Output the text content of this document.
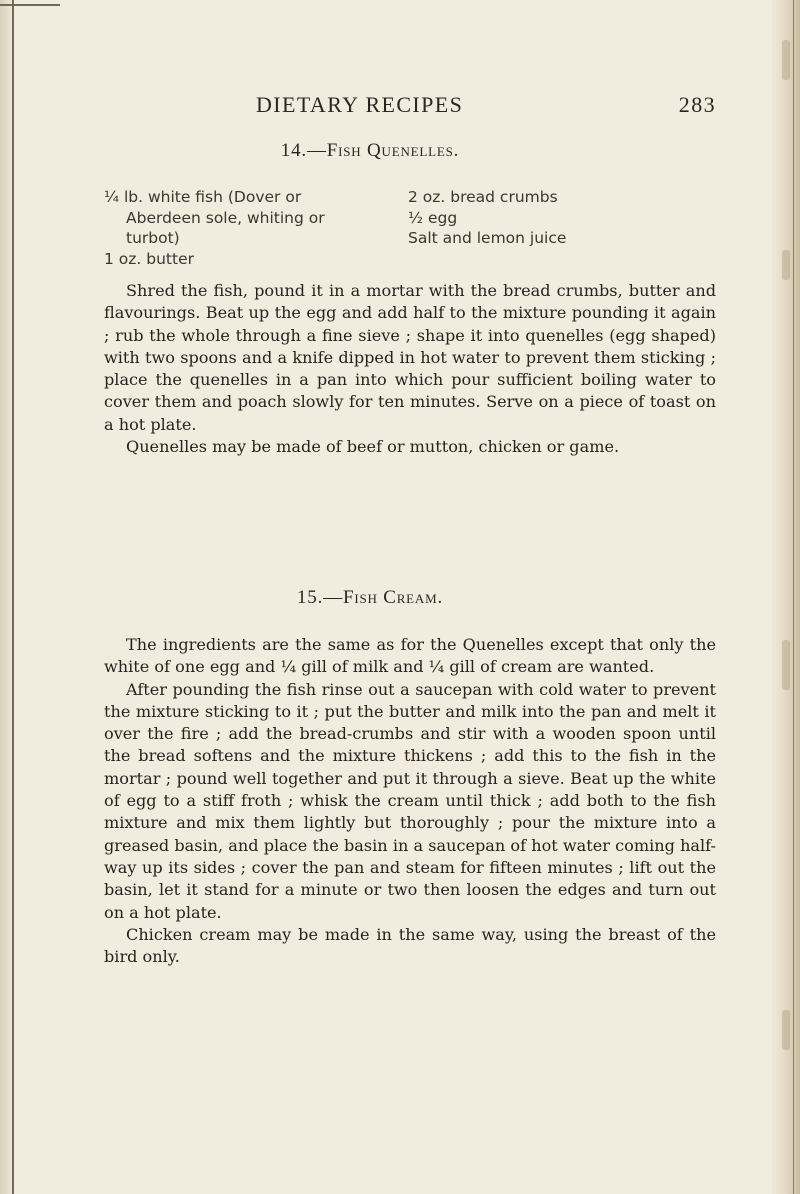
DIETARY RECIPES	283
14.—Fish Quenelles.
¼ lb. white fish (Dover or
Aberdeen sole, whiting or
turbot)
1 oz. butter
2 oz. bread crumbs
½ egg
Salt and lemon juice

Shred the fish, pound it in a mortar with the bread crumbs, butter and flavourings. Beat up the egg and add half to the mixture pounding it again ; rub the whole through a fine sieve ; shape it into quenelles (egg shaped) with two spoons and a knife dipped in hot water to prevent them sticking ; place the quenelles in a pan into which pour sufficient boiling water to cover them and poach slowly for ten minutes. Serve on a piece of toast on a hot plate.

Quenelles may be made of beef or mutton, chicken or game.

15.—Fish Cream.

The ingredients are the same as for the Quenelles except that only the white of one egg and ¼ gill of milk and ¼ gill of cream are wanted.

After pounding the fish rinse out a saucepan with cold water to prevent the mixture sticking to it ; put the butter and milk into the pan and melt it over the fire ; add the bread-crumbs and stir with a wooden spoon until the bread softens and the mixture thickens ; add this to the fish in the mortar ; pound well together and put it through a sieve. Beat up the white of egg to a stiff froth ; whisk the cream until thick ; add both to the fish mixture and mix them lightly but thoroughly ; pour the mixture into a greased basin, and place the basin in a saucepan of hot water coming half-way up its sides ; cover the pan and steam for fifteen minutes ; lift out the basin, let it stand for a minute or two then loosen the edges and turn out on a hot plate.

Chicken cream may be made in the same way, using the breast of the bird only.
